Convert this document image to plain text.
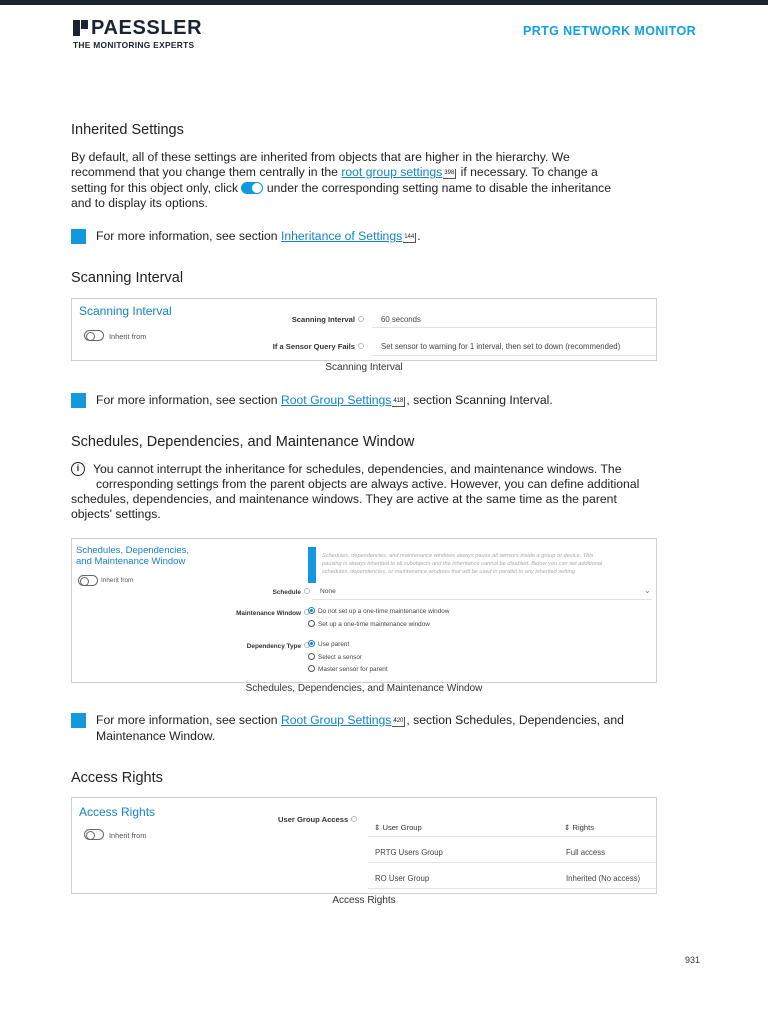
PAESSLER
THE MONITORING EXPERTS
PRTG NETWORK MONITOR
Inherited Settings
By default, all of these settings are inherited from objects that are higher in the hierarchy. We
recommend that you change them centrally in the root group settings 398 if necessary. To change a
setting for this object only, click under the corresponding setting name to disable the inheritance
and to display its options.
For more information, see section Inheritance of Settings 144 .
Scanning Interval
Scanning Interval
Inherit from
Scanning Interval	60 seconds
If a Sensor Query Fails	Set sensor to warning for 1 interval, then set to down (recommended)
Scanning Interval
For more information, see section Root Group Settings 418 , section Scanning Interval.
Schedules, Dependencies, and Maintenance Window
i You cannot interrupt the inheritance for schedules, dependencies, and maintenance windows. The
corresponding settings from the parent objects are always active. However, you can define additional
schedules, dependencies, and maintenance windows. They are active at the same time as the parent
objects' settings.
Schedules, Dependencies,
and Maintenance Window
Inherit from
Schedules, dependencies, and maintenance windows always pause all sensors inside a group or device. This
pausing is always inherited to all subobjects and the inheritance cannot be disabled. Below you can set additional
schedules, dependencies, or maintenance windows that will be used in parallel to any inherited setting.
Schedule	None	⌄
Maintenance Window	Do not set up a one-time maintenance window
Set up a one-time maintenance window
Dependency Type	Use parent
Select a sensor
Master sensor for parent
Schedules, Dependencies, and Maintenance Window
For more information, see section Root Group Settings 420 , section Schedules, Dependencies, and
Maintenance Window.
Access Rights
Access Rights
Inherit from
User Group Access
⇕ User Group	⇕ Rights
PRTG Users Group	Full access
RO User Group	Inherited (No access)
Access Rights
931
